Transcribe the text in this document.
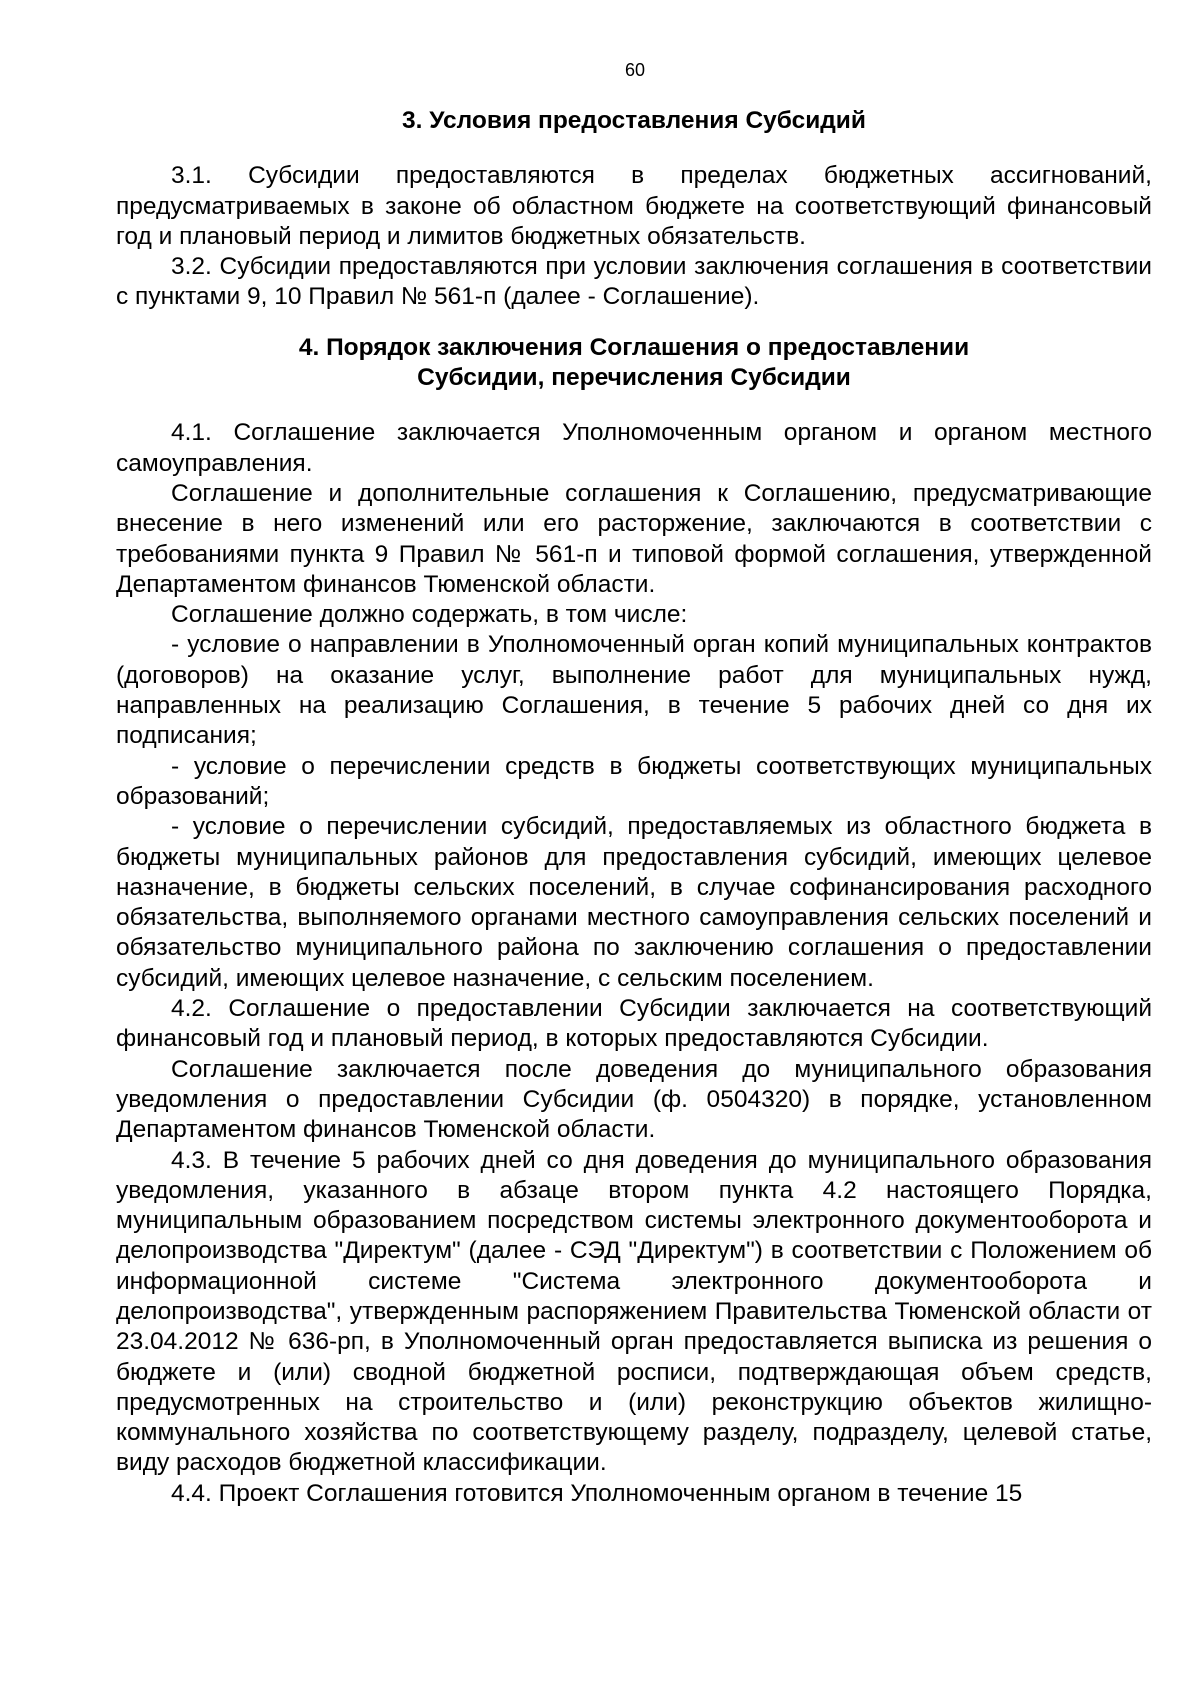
60

3. Условия предоставления Субсидий

3.1. Субсидии предоставляются в пределах бюджетных ассигнований, предусматриваемых в законе об областном бюджете на соответствующий финансовый год и плановый период и лимитов бюджетных обязательств.

3.2. Субсидии предоставляются при условии заключения соглашения в соответствии с пунктами 9, 10 Правил № 561-п (далее - Соглашение).

4. Порядок заключения Соглашения о предоставлении
Субсидии, перечисления Субсидии

4.1. Соглашение заключается Уполномоченным органом и органом местного самоуправления.

Соглашение и дополнительные соглашения к Соглашению, предусматривающие внесение в него изменений или его расторжение, заключаются в соответствии с требованиями пункта 9 Правил № 561-п и типовой формой соглашения, утвержденной Департаментом финансов Тюменской области.

Соглашение должно содержать, в том числе:

- условие о направлении в Уполномоченный орган копий муниципальных контрактов (договоров) на оказание услуг, выполнение работ для муниципальных нужд, направленных на реализацию Соглашения, в течение 5 рабочих дней со дня их подписания;

- условие о перечислении средств в бюджеты соответствующих муниципальных образований;

- условие о перечислении субсидий, предоставляемых из областного бюджета в бюджеты муниципальных районов для предоставления субсидий, имеющих целевое назначение, в бюджеты сельских поселений, в случае софинансирования расходного обязательства, выполняемого органами местного самоуправления сельских поселений и обязательство муниципального района по заключению соглашения о предоставлении субсидий, имеющих целевое назначение, с сельским поселением.

4.2. Соглашение о предоставлении Субсидии заключается на соответствующий финансовый год и плановый период, в которых предоставляются Субсидии.

Соглашение заключается после доведения до муниципального образования уведомления о предоставлении Субсидии (ф. 0504320) в порядке, установленном Департаментом финансов Тюменской области.

4.3. В течение 5 рабочих дней со дня доведения до муниципального образования уведомления, указанного в абзаце втором пункта 4.2 настоящего Порядка, муниципальным образованием посредством системы электронного документооборота и делопроизводства "Директум" (далее - СЭД "Директум") в соответствии с Положением об информационной системе "Система электронного документооборота и делопроизводства", утвержденным распоряжением Правительства Тюменской области от 23.04.2012 № 636-рп, в Уполномоченный орган предоставляется выписка из решения о бюджете и (или) сводной бюджетной росписи, подтверждающая объем средств, предусмотренных на строительство и (или) реконструкцию объектов жилищно-коммунального хозяйства по соответствующему разделу, подразделу, целевой статье, виду расходов бюджетной классификации.

4.4. Проект Соглашения готовится Уполномоченным органом в течение 15
